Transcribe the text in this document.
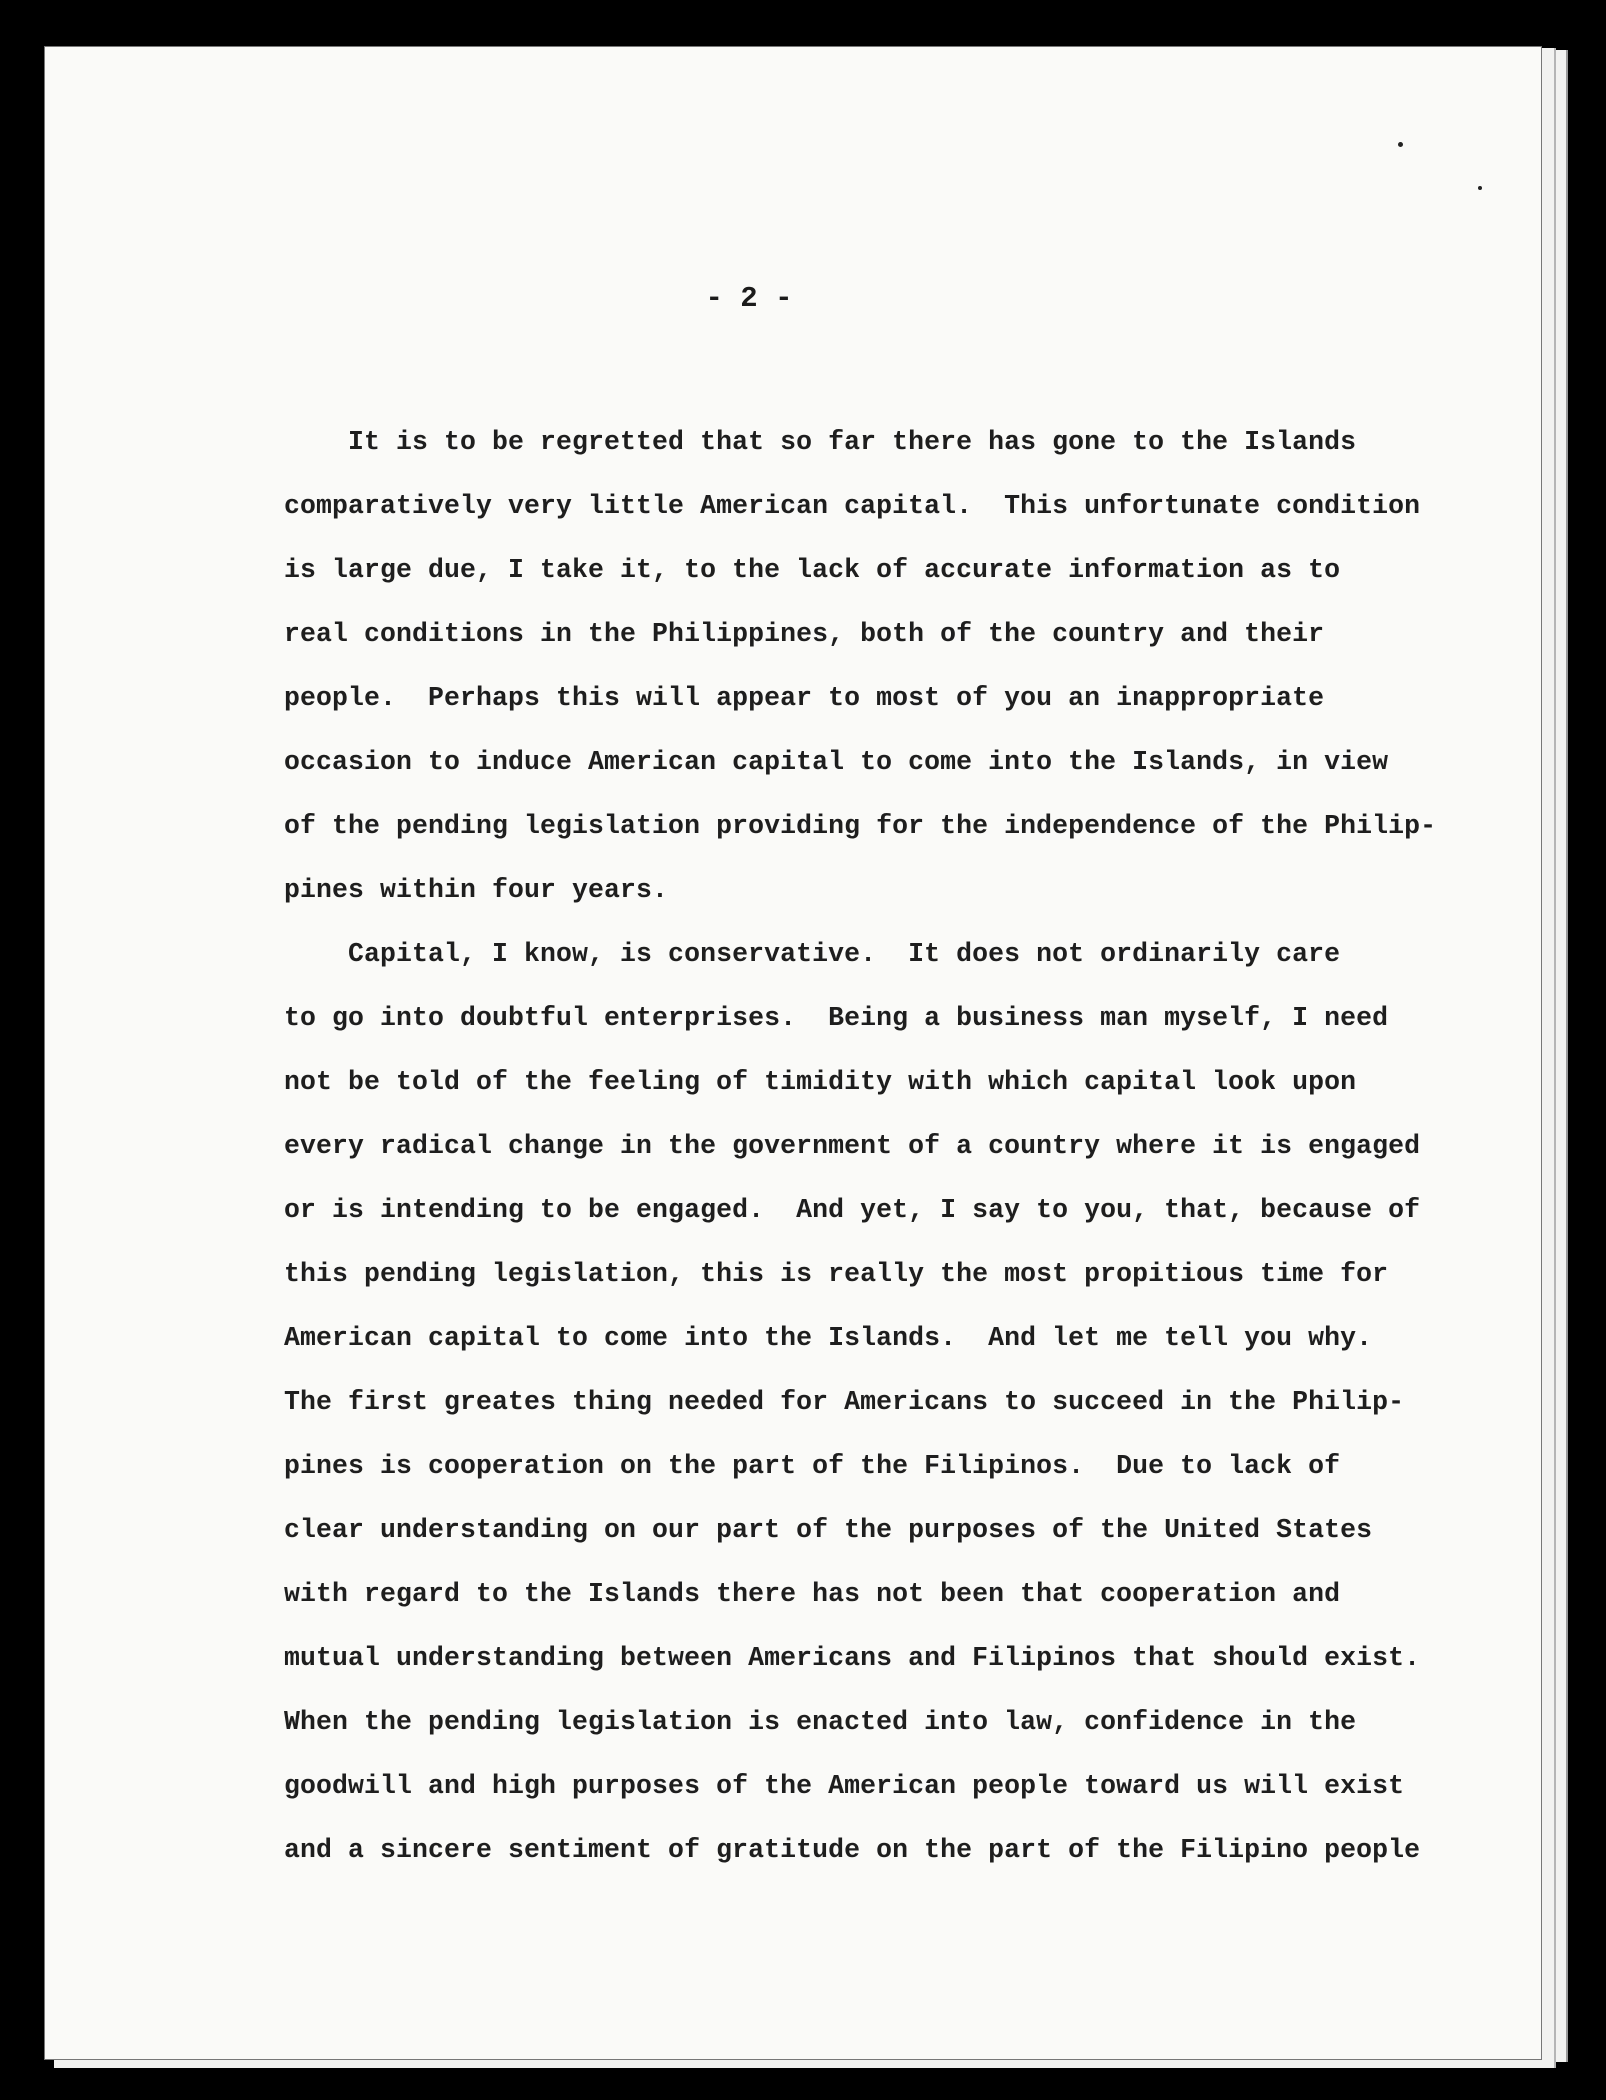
- 2 -

It is to be regretted that so far there has gone to the Islands
comparatively very little American capital.  This unfortunate condition
is large due, I take it, to the lack of accurate information as to
real conditions in the Philippines, both of the country and their
people.  Perhaps this will appear to most of you an inappropriate
occasion to induce American capital to come into the Islands, in view
of the pending legislation providing for the independence of the Philip-
pines within four years.
Capital, I know, is conservative.  It does not ordinarily care
to go into doubtful enterprises.  Being a business man myself, I need
not be told of the feeling of timidity with which capital look upon
every radical change in the government of a country where it is engaged
or is intending to be engaged.  And yet, I say to you, that, because of
this pending legislation, this is really the most propitious time for
American capital to come into the Islands.  And let me tell you why.
The first greates thing needed for Americans to succeed in the Philip-
pines is cooperation on the part of the Filipinos.  Due to lack of
clear understanding on our part of the purposes of the United States
with regard to the Islands there has not been that cooperation and
mutual understanding between Americans and Filipinos that should exist.
When the pending legislation is enacted into law, confidence in the
goodwill and high purposes of the American people toward us will exist
and a sincere sentiment of gratitude on the part of the Filipino people
